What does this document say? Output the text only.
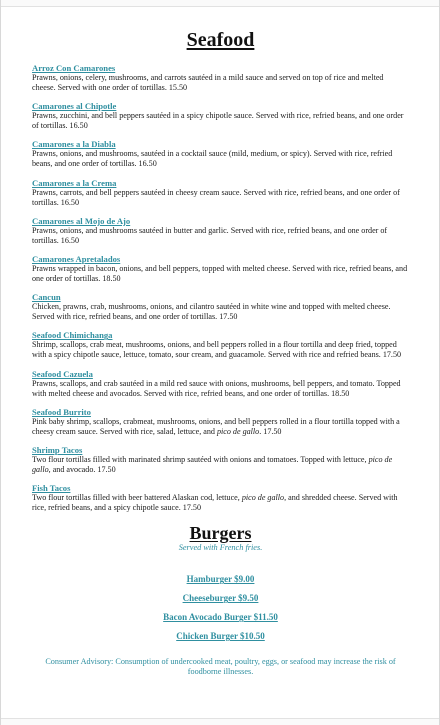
Seafood
Arroz Con Camarones

Prawns, onions, celery, mushrooms, and carrots sautéed in a mild sauce and served on top of rice and melted cheese. Served with one order of tortillas. 15.50

Camarones al Chipotle

Prawns, zucchini, and bell peppers sautéed in a spicy chipotle sauce. Served with rice, refried beans, and one order of tortillas. 16.50

Camarones a la Diabla

Prawns, onions, and mushrooms, sautéed in a cocktail sauce (mild, medium, or spicy). Served with rice, refried beans, and one order of tortillas. 16.50

Camarones a la Crema

Prawns, carrots, and bell peppers sautéed in cheesy cream sauce. Served with rice, refried beans, and one order of tortillas. 16.50

Camarones al Mojo de Ajo

Prawns, onions, and mushrooms sautéed in butter and garlic. Served with rice, refried beans, and one order of tortillas. 16.50

Camarones Apretalados

Prawns wrapped in bacon, onions, and bell peppers, topped with melted cheese. Served with rice, refried beans, and one order of tortillas. 18.50

Cancun

Chicken, prawns, crab, mushrooms, onions, and cilantro sautéed in white wine and topped with melted cheese. Served with rice, refried beans, and one order of tortillas. 17.50

Seafood Chimichanga

Shrimp, scallops, crab meat, mushrooms, onions, and bell peppers rolled in a flour tortilla and deep fried, topped with a spicy chipotle sauce, lettuce, tomato, sour cream, and guacamole. Served with rice and refried beans. 17.50

Seafood Cazuela

Prawns, scallops, and crab sautéed in a mild red sauce with onions, mushrooms, bell peppers, and tomato. Topped with melted cheese and avocados. Served with rice, refried beans, and one order of tortillas. 18.50

Seafood Burrito

Pink baby shrimp, scallops, crabmeat, mushrooms, onions, and bell peppers rolled in a flour tortilla topped with a cheesy cream sauce. Served with rice, salad, lettuce, and pico de gallo. 17.50

Shrimp Tacos

Two flour tortillas filled with marinated shrimp sautéed with onions and tomatoes. Topped with lettuce, pico de gallo, and avocado. 17.50

Fish Tacos

Two flour tortillas filled with beer battered Alaskan cod, lettuce, pico de gallo, and shredded cheese. Served with rice, refried beans, and a spicy chipotle sauce. 17.50

Burgers

Served with French fries.

Hamburger $9.00
Cheeseburger $9.50
Bacon Avocado Burger $11.50
Chicken Burger $10.50

Consumer Advisory: Consumption of undercooked meat, poultry, eggs, or seafood may increase the risk of foodborne illnesses.
